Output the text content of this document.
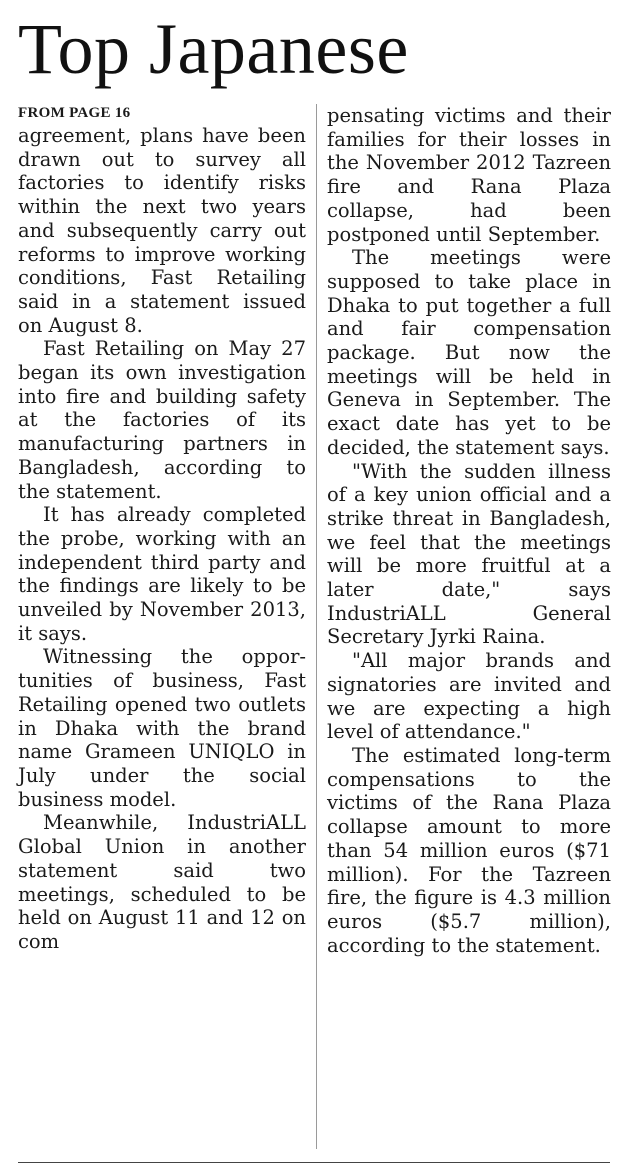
Top Japanese
FROM PAGE 16

agreement, plans have been drawn out to survey all factories to identify risks within the next two years and subsequently carry out reforms to improve working conditions, Fast Retailing said in a statement issued on August 8.

Fast Retailing on May 27 began its own investigation into fire and building safety at the factories of its manufacturing partners in Bangladesh, according to the statement.

It has already completed the probe, working with an independent third party and the findings are likely to be unveiled by November 2013, it says.

Witnessing the opportunities of business, Fast Retailing opened two outlets in Dhaka with the brand name Grameen UNIQLO in July under the social business model.

Meanwhile, IndustriALL Global Union in another statement said two meetings, scheduled to be held on August 11 and 12 on com

pensating victims and their families for their losses in the November 2012 Tazreen fire and Rana Plaza collapse, had been postponed until September.

The meetings were supposed to take place in Dhaka to put together a full and fair compensation package. But now the meetings will be held in Geneva in September. The exact date has yet to be decided, the statement says.

"With the sudden illness of a key union official and a strike threat in Bangladesh, we feel that the meetings will be more fruitful at a later date," says IndustriALL General Secretary Jyrki Raina.

"All major brands and signatories are invited and we are expecting a high level of attendance."

The estimated long-term compensations to the victims of the Rana Plaza collapse amount to more than 54 million euros ($71 million). For the Tazreen fire, the figure is 4.3 million euros ($5.7 million), according to the statement.
